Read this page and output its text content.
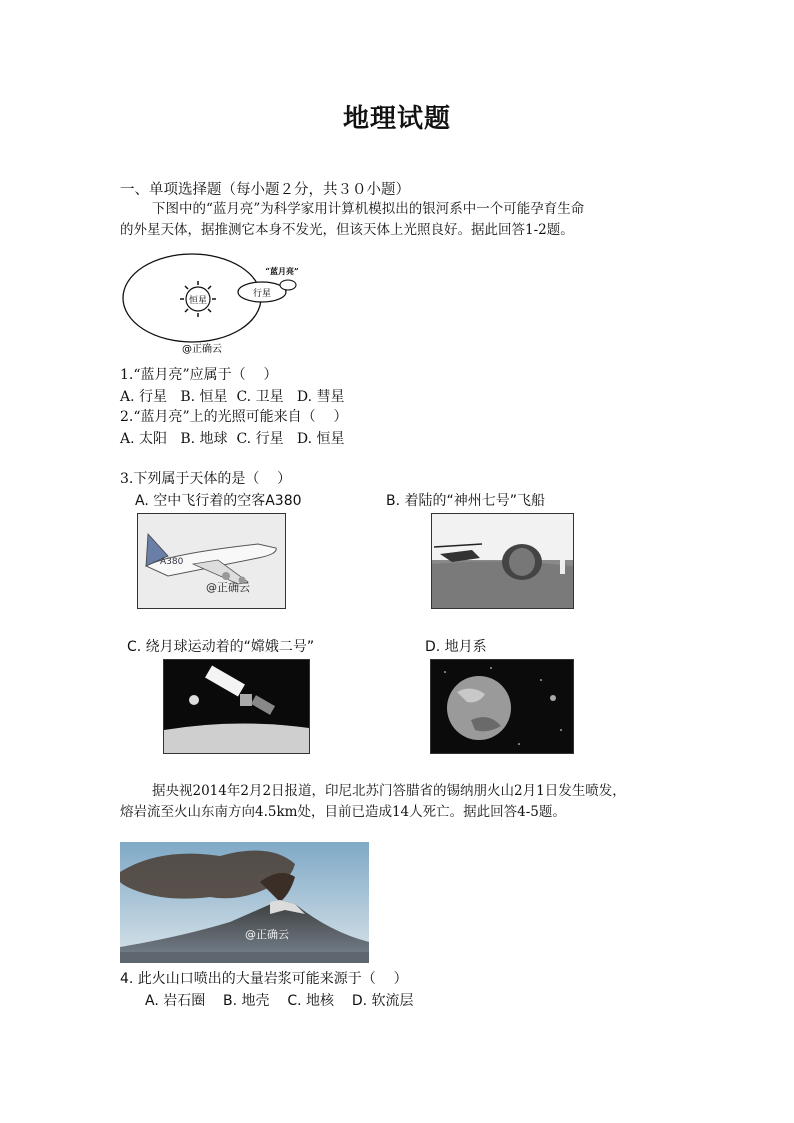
地理试题
一、单项选择题（每小题２分，共３０小题）
下图中的“蓝月亮”为科学家用计算机模拟出的银河系中一个可能孕育生命
的外星天体，据推测它本身不发光，但该天体上光照良好。据此回答1-2题。
恒星
行星
“蓝月亮”
@正确云
1.“蓝月亮”应属于（    ）
A. 行星   B. 恒星  C. 卫星   D. 彗星
2.“蓝月亮”上的光照可能来自（    ）
A. 太阳   B. 地球  C. 行星   D. 恒星
3.下列属于天体的是（    ）
A. 空中飞行着的空客A380	B. 着陆的“神州七号”飞船
A380
@正确云
C. 绕月球运动着的“嫦娥二号”	D. 地月系
据央视2014年2月2日报道，印尼北苏门答腊省的锡纳朋火山2月1日发生喷发，
熔岩流至火山东南方向4.5km处，目前已造成14人死亡。据此回答4-5题。
@正确云
4. 此火山口喷出的大量岩浆可能来源于（    ）
A. 岩石圈    B. 地壳    C. 地核    D. 软流层
